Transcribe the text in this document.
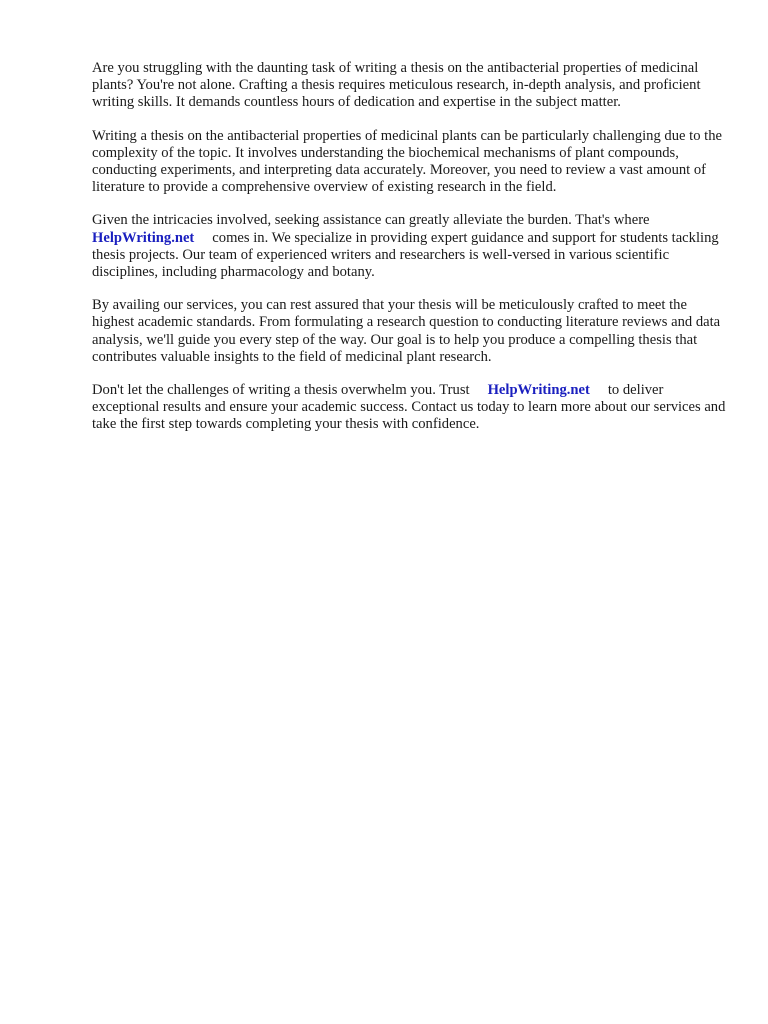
Are you struggling with the daunting task of writing a thesis on the antibacterial properties of medicinal plants? You're not alone. Crafting a thesis requires meticulous research, in-depth analysis, and proficient writing skills. It demands countless hours of dedication and expertise in the subject matter.

Writing a thesis on the antibacterial properties of medicinal plants can be particularly challenging due to the complexity of the topic. It involves understanding the biochemical mechanisms of plant compounds, conducting experiments, and interpreting data accurately. Moreover, you need to review a vast amount of literature to provide a comprehensive overview of existing research in the field.

Given the intricacies involved, seeking assistance can greatly alleviate the burden. That's where
HelpWriting.net comes in. We specialize in providing expert guidance and support for students tackling thesis projects. Our team of experienced writers and researchers is well-versed in various scientific disciplines, including pharmacology and botany.

By availing our services, you can rest assured that your thesis will be meticulously crafted to meet the highest academic standards. From formulating a research question to conducting literature reviews and data analysis, we'll guide you every step of the way. Our goal is to help you produce a compelling thesis that contributes valuable insights to the field of medicinal plant research.

Don't let the challenges of writing a thesis overwhelm you. Trust HelpWriting.net to deliver exceptional results and ensure your academic success. Contact us today to learn more about our services and take the first step towards completing your thesis with confidence.
